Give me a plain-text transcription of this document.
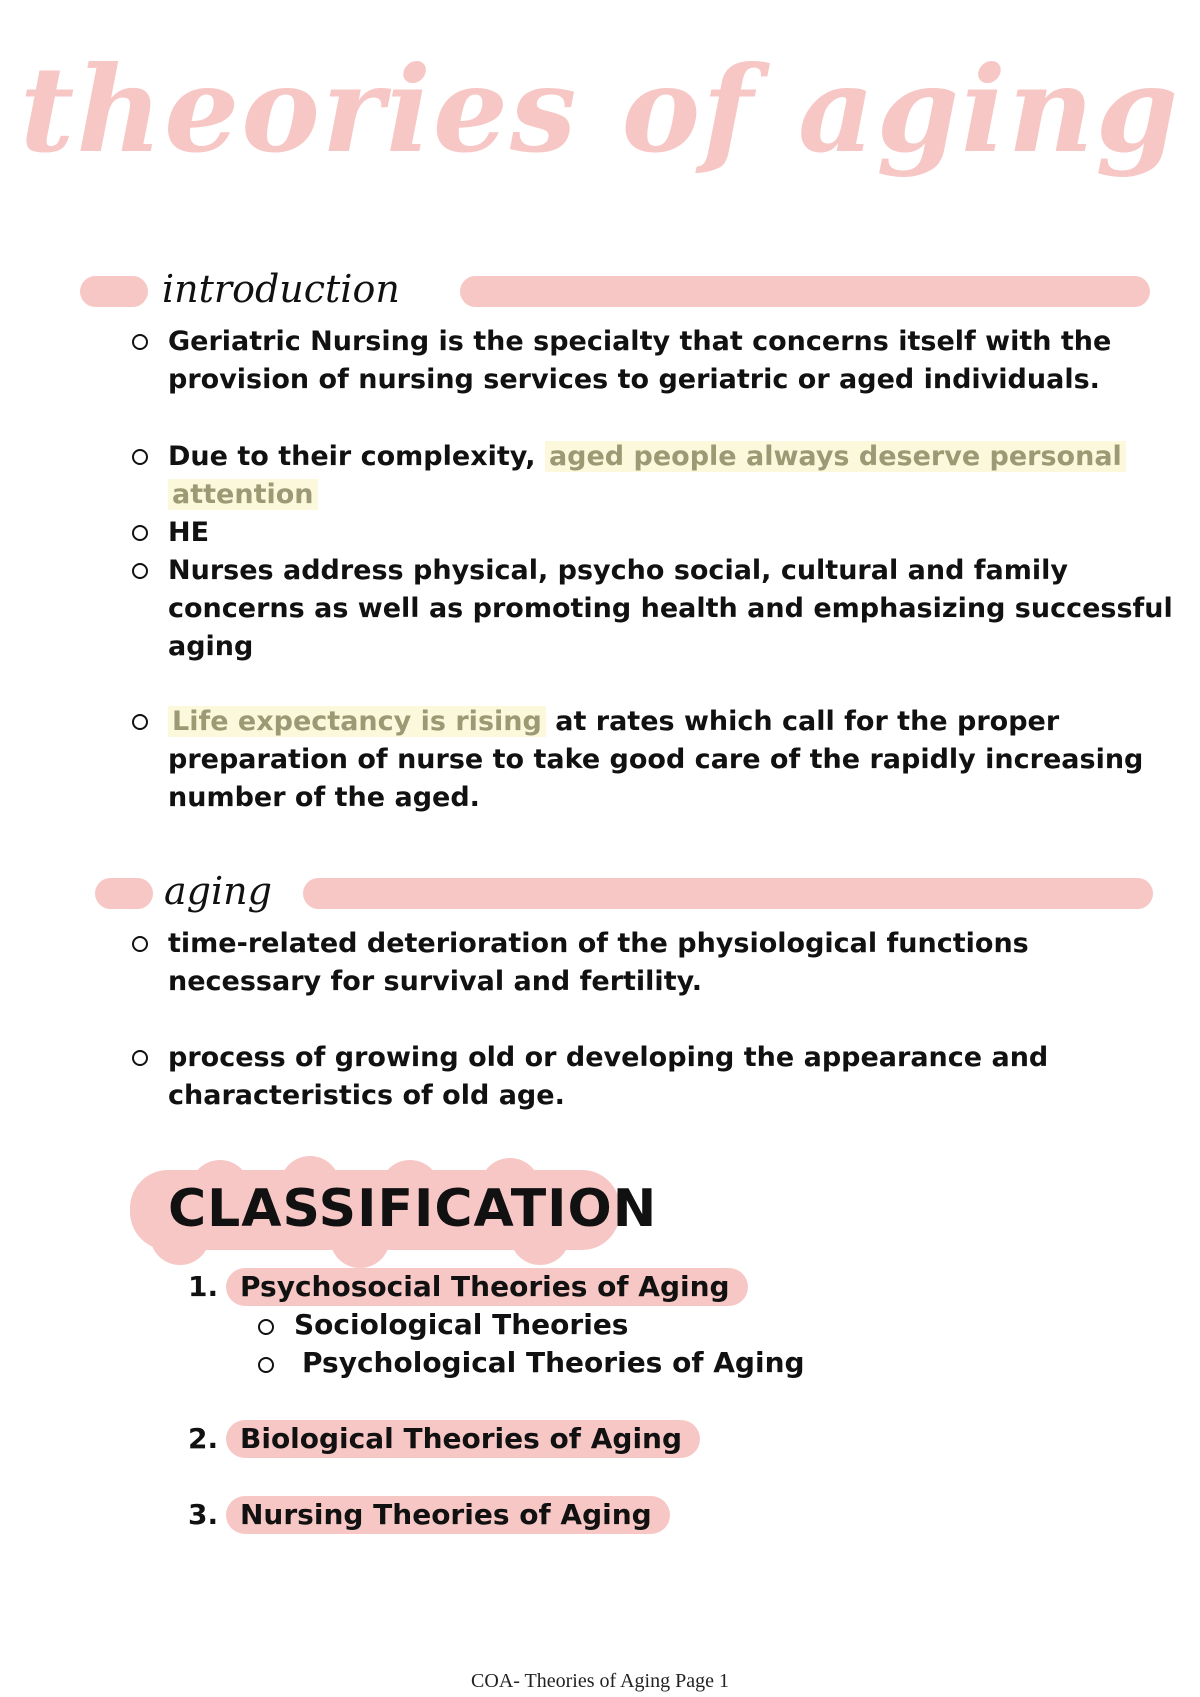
theories of aging
introduction
Geriatric Nursing is the specialty that concerns itself with the
provision of nursing services to geriatric or aged individuals.
Due to their complexity, aged people always deserve personal
attention
HE
Nurses address physical, psycho social, cultural and family
concerns as well as promoting health and emphasizing successful
aging
Life expectancy is rising at rates which call for the proper
preparation of nurse to take good care of the rapidly increasing
number of the aged.
aging
time-related deterioration of the physiological functions
necessary for survival and fertility.
process of growing old or developing the appearance and
characteristics of old age.
CLASSIFICATION
1. Psychosocial Theories of Aging
Sociological Theories
Psychological Theories of Aging
2. Biological Theories of Aging
3. Nursing Theories of Aging
COA- Theories of Aging Page 1
